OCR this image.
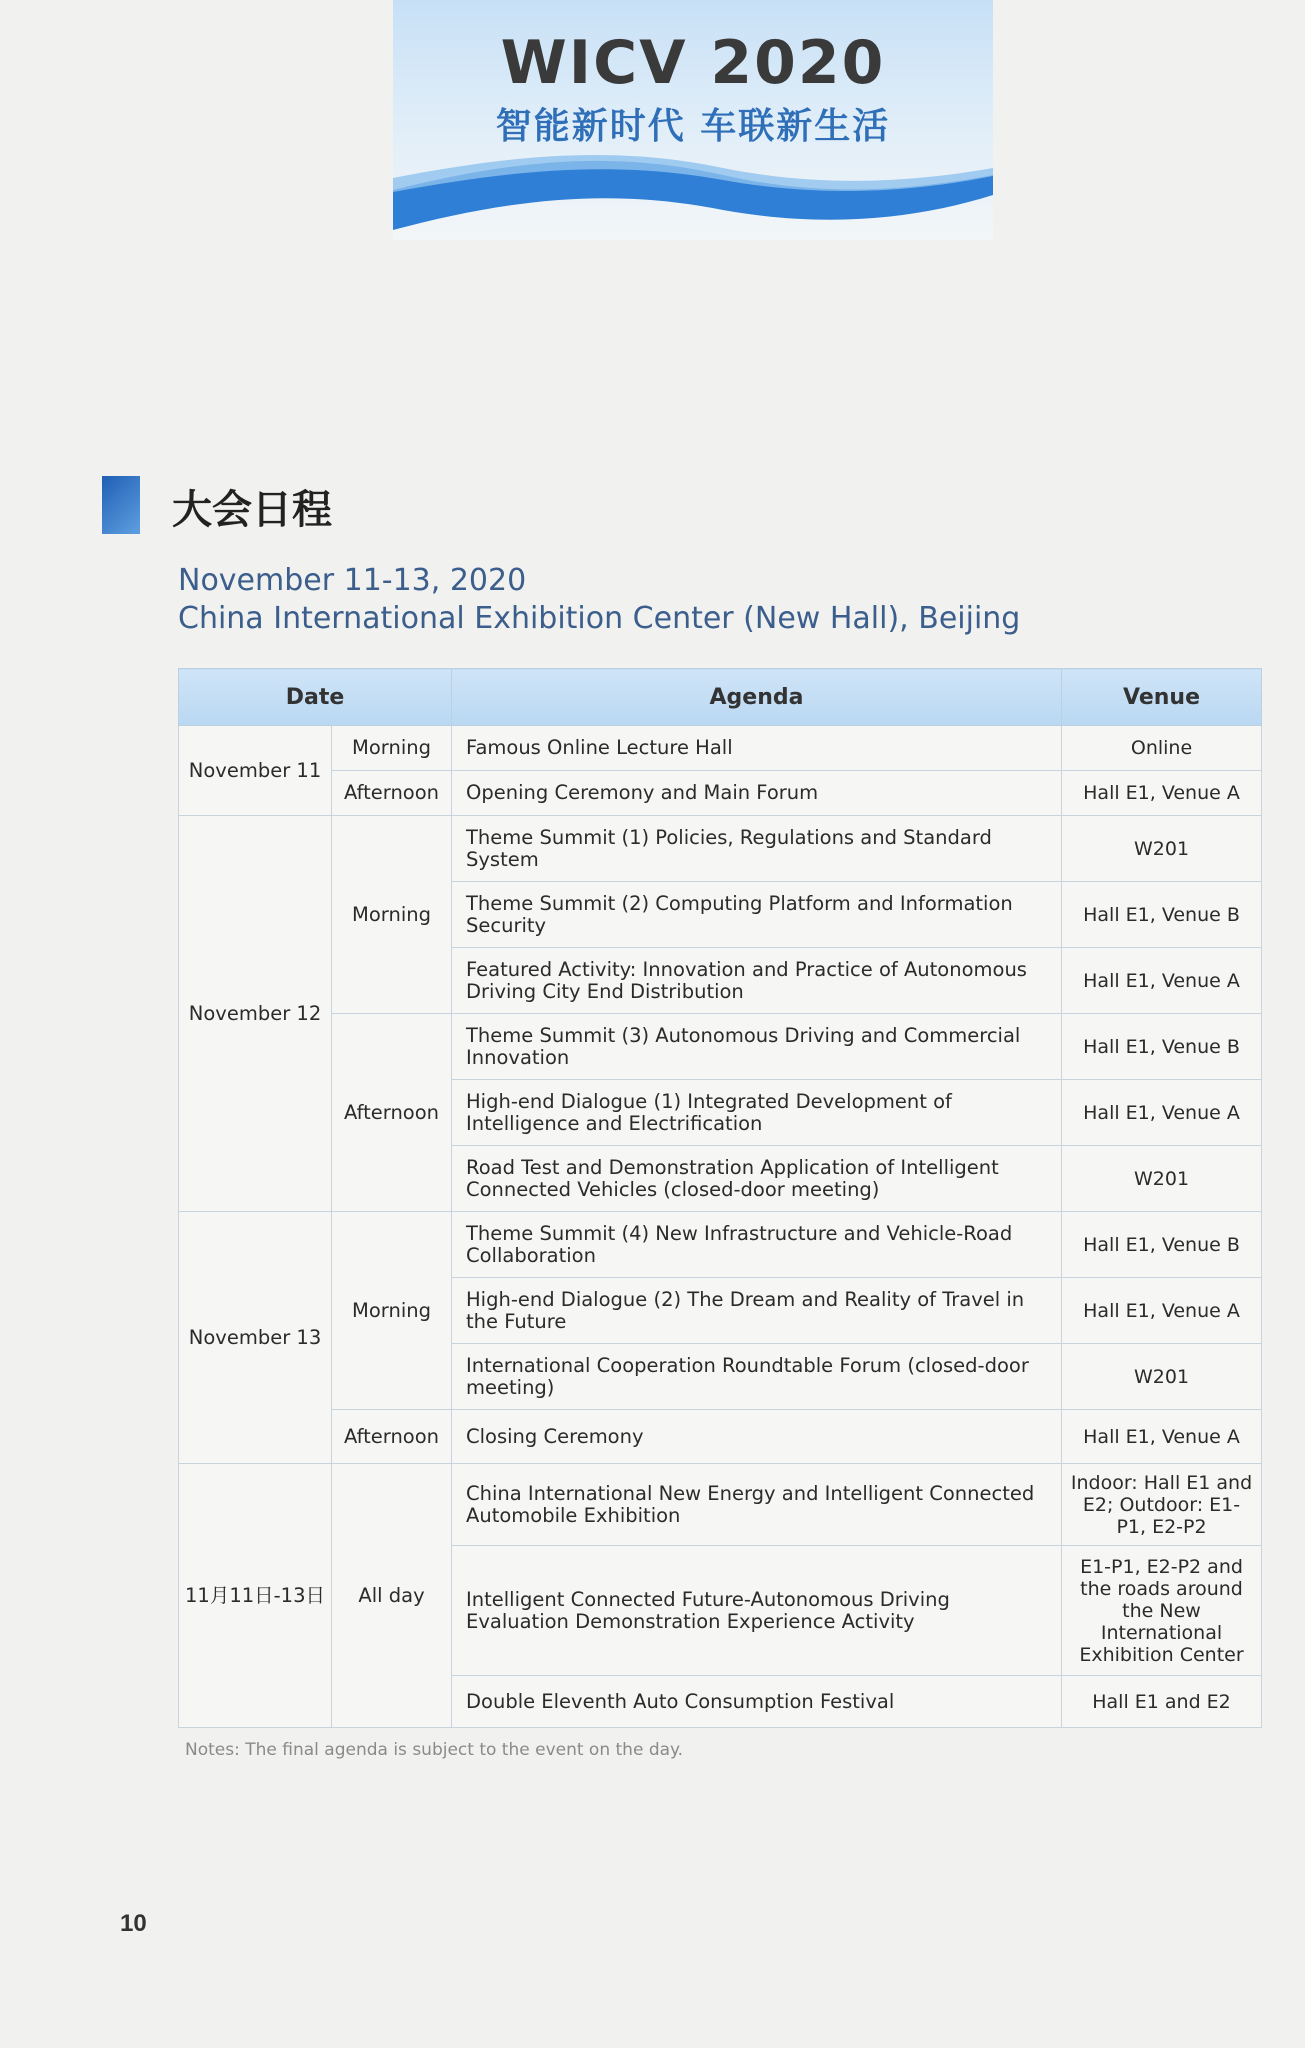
WICV 2020
智能新时代 车联新生活
大会日程
November 11-13, 2020
China International Exhibition Center (New Hall), Beijing
Date		Agenda	Venue
November 11	Morning	Famous Online Lecture Hall	Online
	Afternoon	Opening Ceremony and Main Forum	Hall E1, Venue A
November 12	Morning	Theme Summit (1) Policies, Regulations and Standard System	W201
		Theme Summit (2) Computing Platform and Information Security	Hall E1, Venue B
		Featured Activity: Innovation and Practice of Autonomous Driving City End Distribution	Hall E1, Venue A
	Afternoon	Theme Summit (3) Autonomous Driving and Commercial Innovation	Hall E1, Venue B
		High-end Dialogue (1) Integrated Development of Intelligence and Electrification	Hall E1, Venue A
		Road Test and Demonstration Application of Intelligent Connected Vehicles (closed-door meeting)	W201
November 13	Morning	Theme Summit (4) New Infrastructure and Vehicle-Road Collaboration	Hall E1, Venue B
		High-end Dialogue (2) The Dream and Reality of Travel in the Future	Hall E1, Venue A
		International Cooperation Roundtable Forum (closed-door meeting)	W201
	Afternoon	Closing Ceremony	Hall E1, Venue A
11月11日-13日	All day	China International New Energy and Intelligent Connected Automobile Exhibition	Indoor: Hall E1 and E2; Outdoor: E1-P1, E2-P2
		Intelligent Connected Future-Autonomous Driving Evaluation Demonstration Experience Activity	E1-P1, E2-P2 and the roads around the New International Exhibition Center
		Double Eleventh Auto Consumption Festival	Hall E1 and E2
Notes: The final agenda is subject to the event on the day.
10
